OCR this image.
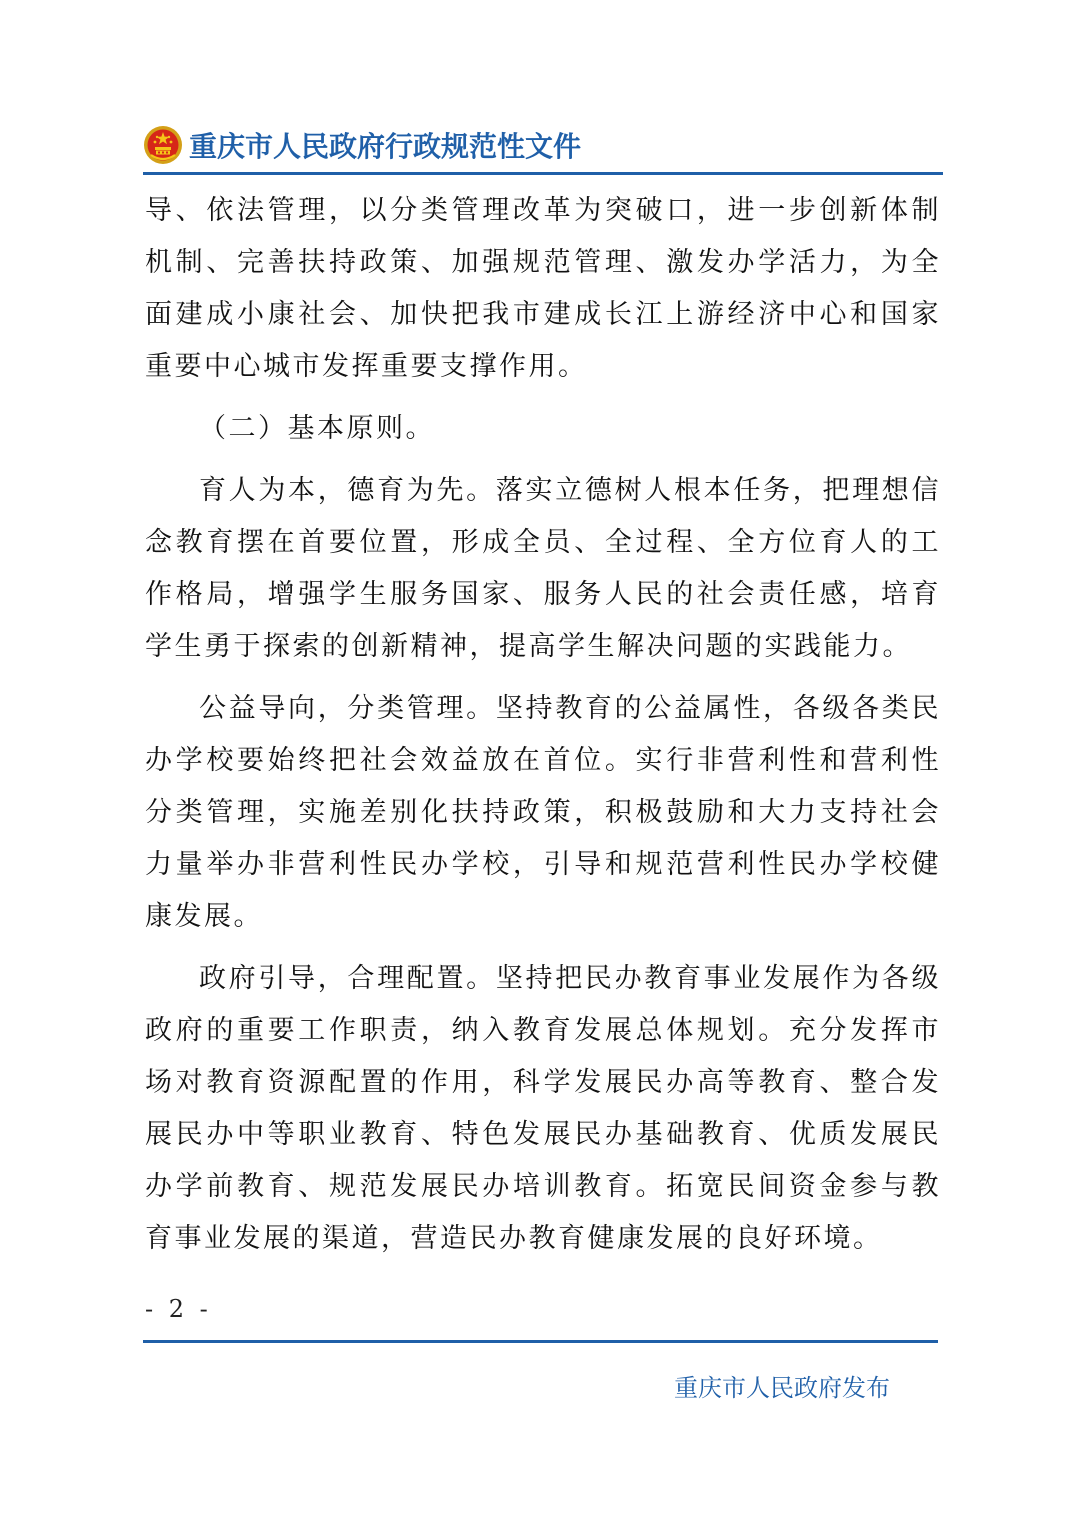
重庆市人民政府行政规范性文件

导、依法管理，以分类管理改革为突破口，进一步创新体制机制、完善扶持政策、加强规范管理、激发办学活力，为全面建成小康社会、加快把我市建成长江上游经济中心和国家重要中心城市发挥重要支撑作用。

（二）基本原则。

育人为本，德育为先。落实立德树人根本任务，把理想信念教育摆在首要位置，形成全员、全过程、全方位育人的工作格局，增强学生服务国家、服务人民的社会责任感，培育学生勇于探索的创新精神，提高学生解决问题的实践能力。

公益导向，分类管理。坚持教育的公益属性，各级各类民办学校要始终把社会效益放在首位。实行非营利性和营利性分类管理，实施差别化扶持政策，积极鼓励和大力支持社会力量举办非营利性民办学校，引导和规范营利性民办学校健康发展。

政府引导，合理配置。坚持把民办教育事业发展作为各级政府的重要工作职责，纳入教育发展总体规划。充分发挥市场对教育资源配置的作用，科学发展民办高等教育、整合发展民办中等职业教育、特色发展民办基础教育、优质发展民办学前教育、规范发展民办培训教育。拓宽民间资金参与教育事业发展的渠道，营造民办教育健康发展的良好环境。

- 2 -
重庆市人民政府发布
